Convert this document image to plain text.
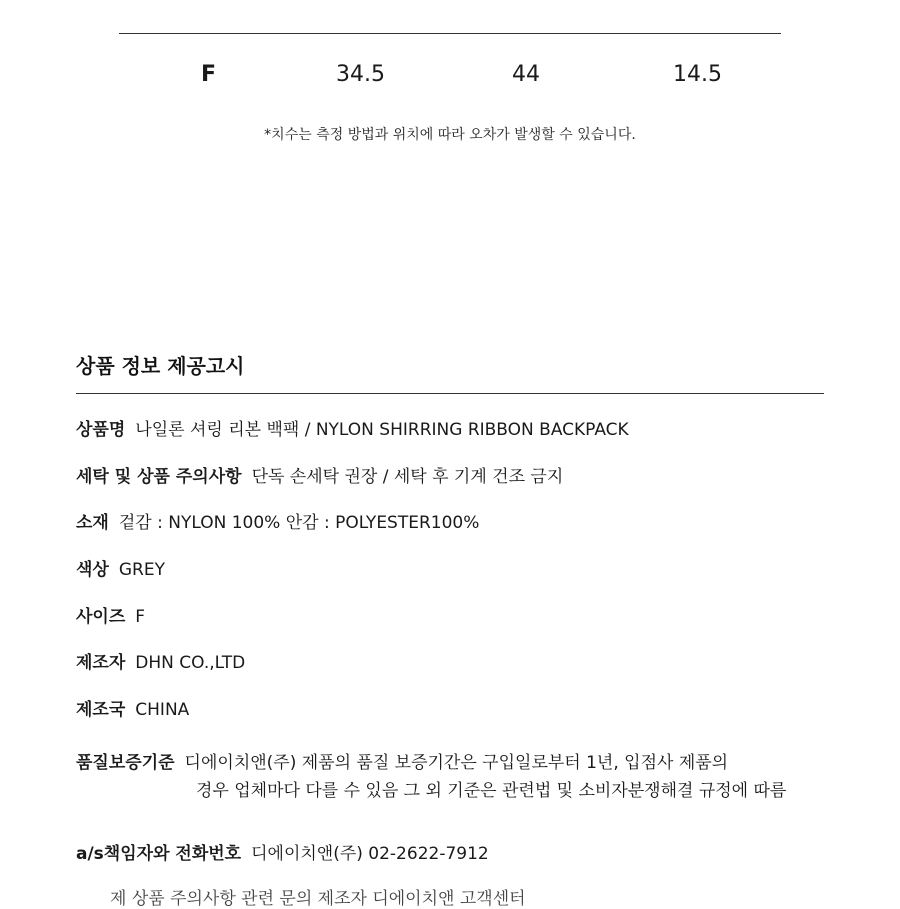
F	34.5	44	14.5
*치수는 측정 방법과 위치에 따라 오차가 발생할 수 있습니다.
상품 정보 제공고시
상품명 나일론 셔링 리본 백팩 / NYLON SHIRRING RIBBON BACKPACK
세탁 및 상품 주의사항 단독 손세탁 권장 / 세탁 후 기계 건조 금지
소재 겉감 : NYLON 100% 안감 : POLYESTER100%
색상 GREY
사이즈 F
제조자 DHN CO.,LTD
제조국 CHINA
품질보증기준 디에이치앤(주) 제품의 품질 보증기간은 구입일로부터 1년, 입점사 제품의
경우 업체마다 다를 수 있음 그 외 기준은 관련법 및 소비자분쟁해결 규정에 따름
a/s책임자와 전화번호 디에이치앤(주) 02-2622-7912
제 상품 주의사항 관련 문의 제조자 디에이치앤 고객센터
